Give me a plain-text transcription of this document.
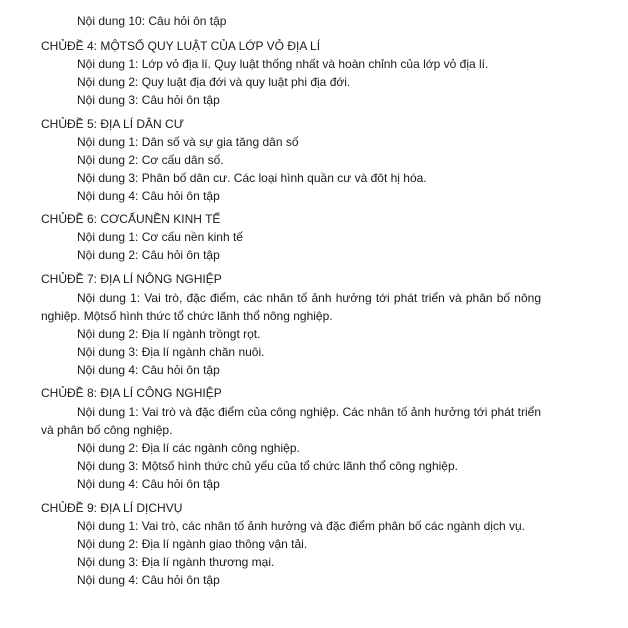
Nội dung 10: Câu hỏi ôn tập
CHỦĐỀ 4: MỘTSỐ QUY LUẬT CỦA LỚP VỎ ĐỊA LÍ
Nội dung 1: Lớp vỏ địa lí. Quy luật thống nhất và hoàn chỉnh của lớp vỏ địa lí.
Nội dung 2: Quy luật địa đới và quy luật phi địa đới.
Nội dung 3: Câu hỏi ôn tập
CHỦĐỀ 5: ĐỊA LÍ DÂN CƯ
Nội dung 1: Dân số và sự gia tăng dân số
Nội dung 2: Cơ cấu dân số.
Nội dung 3: Phân bố dân cư. Các loại hình quần cư và đôt hị hóa.
Nội dung 4: Câu hỏi ôn tập
CHỦĐỀ 6: CƠCẤUNỀN KINH TẾ
Nội dung 1: Cơ cấu nền kinh tế
Nội dung 2: Câu hỏi ôn tập
CHỦĐỀ 7: ĐỊA LÍ NÔNG NGHIỆP
Nội dung 1: Vai trò, đặc điểm, các nhân tố ảnh hưởng tới phát triển và phân bố nông nghiệp. Mộtsố hình thức tổ chức lãnh thổ nông nghiệp.
Nội dung 2: Địa lí ngành trồngt rọt.
Nội dung 3: Địa lí ngành chăn nuôi.
Nội dung 4: Câu hỏi ôn tập
CHỦĐỀ 8: ĐỊA LÍ CÔNG NGHIỆP
Nội dung 1: Vai trò và đặc điểm của công nghiệp. Các nhân tố ảnh hưởng tới phát triển và phân bố công nghiệp.
Nội dung 2: Địa lí các ngành công nghiệp.
Nội dung 3: Mộtsố hình thức chủ yếu của tổ chức lãnh thổ công nghiệp.
Nội dung 4: Câu hỏi ôn tập
CHỦĐỀ 9: ĐỊA LÍ DỊCHVỤ
Nội dung 1: Vai trò, các nhân tố ảnh hưởng và đặc điểm phân bố các ngành dịch vụ.
Nội dung 2: Địa lí ngành giao thông vận tải.
Nội dung 3: Địa lí ngành thương mại.
Nội dung 4: Câu hỏi ôn tập
